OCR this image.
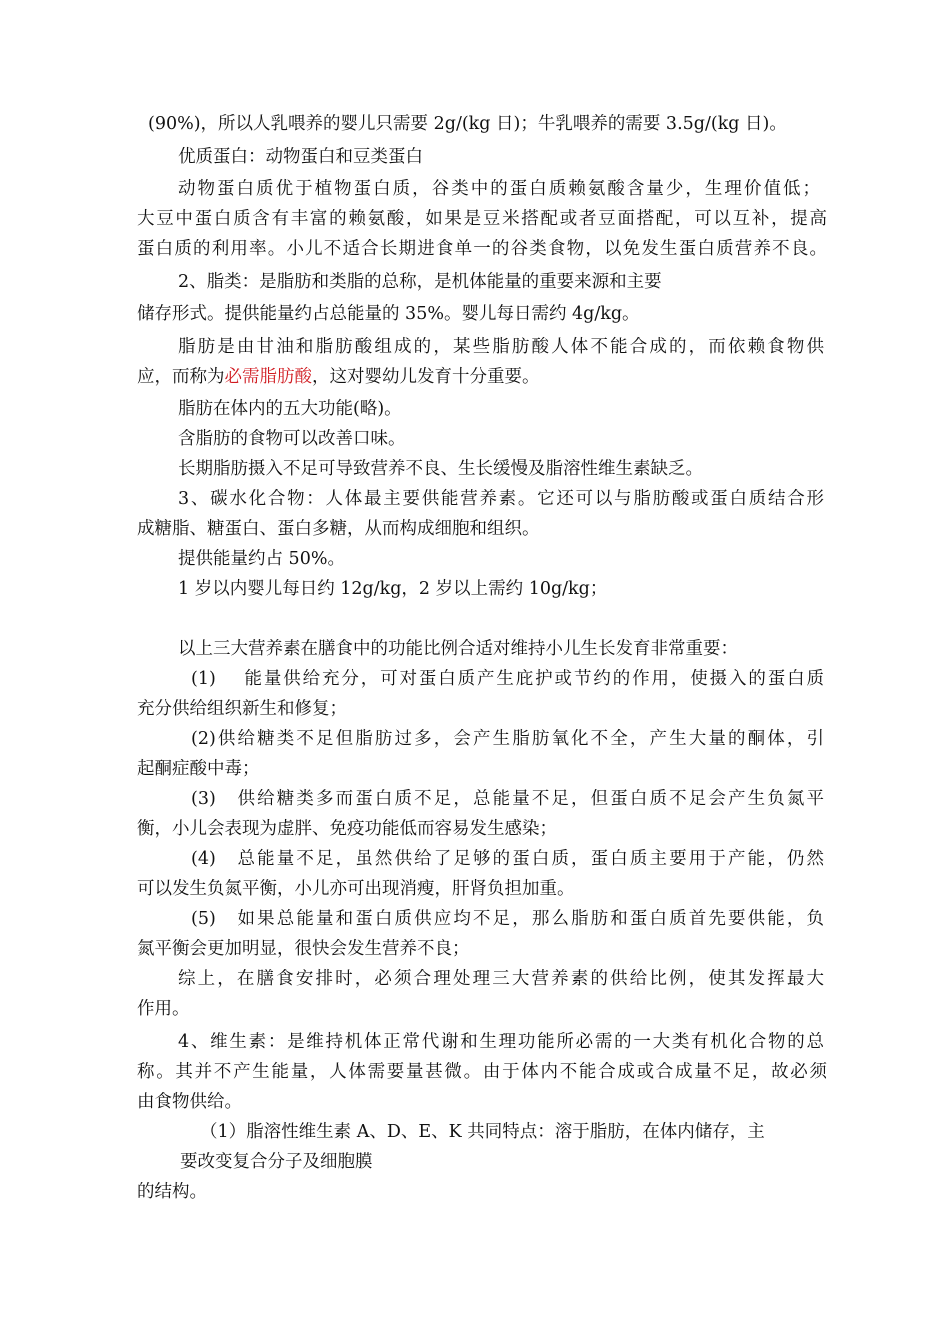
(90%)，所以人乳喂养的婴儿只需要 2g/(kg 日)；牛乳喂养的需要 3.5g/(kg 日)。
优质蛋白：动物蛋白和豆类蛋白
动物蛋白质优于植物蛋白质，谷类中的蛋白质赖氨酸含量少，生理价值低；
大豆中蛋白质含有丰富的赖氨酸，如果是豆米搭配或者豆面搭配，可以互补，提高
蛋白质的利用率。小儿不适合长期进食单一的谷类食物，以免发生蛋白质营养不良。
2、脂类：是脂肪和类脂的总称，是机体能量的重要来源和主要
储存形式。提供能量约占总能量的 35%。婴儿每日需约 4g/kg。
脂肪是由甘油和脂肪酸组成的，某些脂肪酸人体不能合成的，而依赖食物供
应，而称为必需脂肪酸，这对婴幼儿发育十分重要。
脂肪在体内的五大功能(略)。
含脂肪的食物可以改善口味。
长期脂肪摄入不足可导致营养不良、生长缓慢及脂溶性维生素缺乏。
3、碳水化合物：人体最主要供能营养素。它还可以与脂肪酸或蛋白质结合形
成糖脂、糖蛋白、蛋白多糖，从而构成细胞和组织。
提供能量约占 50%。
1 岁以内婴儿每日约 12g/kg，2 岁以上需约 10g/kg；
以上三大营养素在膳食中的功能比例合适对维持小儿生长发育非常重要：
(1)　 能量供给充分，可对蛋白质产生庇护或节约的作用，使摄入的蛋白质
充分供给组织新生和修复；
(2)供给糖类不足但脂肪过多，会产生脂肪氧化不全，产生大量的酮体，引
起酮症酸中毒；
(3)　供给糖类多而蛋白质不足，总能量不足，但蛋白质不足会产生负氮平
衡，小儿会表现为虚胖、免疫功能低而容易发生感染；
(4)　总能量不足，虽然供给了足够的蛋白质，蛋白质主要用于产能，仍然
可以发生负氮平衡，小儿亦可出现消瘦，肝肾负担加重。
(5)　如果总能量和蛋白质供应均不足，那么脂肪和蛋白质首先要供能，负
氮平衡会更加明显，很快会发生营养不良；
综上，在膳食安排时，必须合理处理三大营养素的供给比例，使其发挥最大
作用。
4、维生素：是维持机体正常代谢和生理功能所必需的一大类有机化合物的总
称。其并不产生能量，人体需要量甚微。由于体内不能合成或合成量不足，故必须
由食物供给。
（1）脂溶性维生素 A、D、E、K 共同特点：溶于脂肪，在体内储存，主
要改变复合分子及细胞膜
的结构。
